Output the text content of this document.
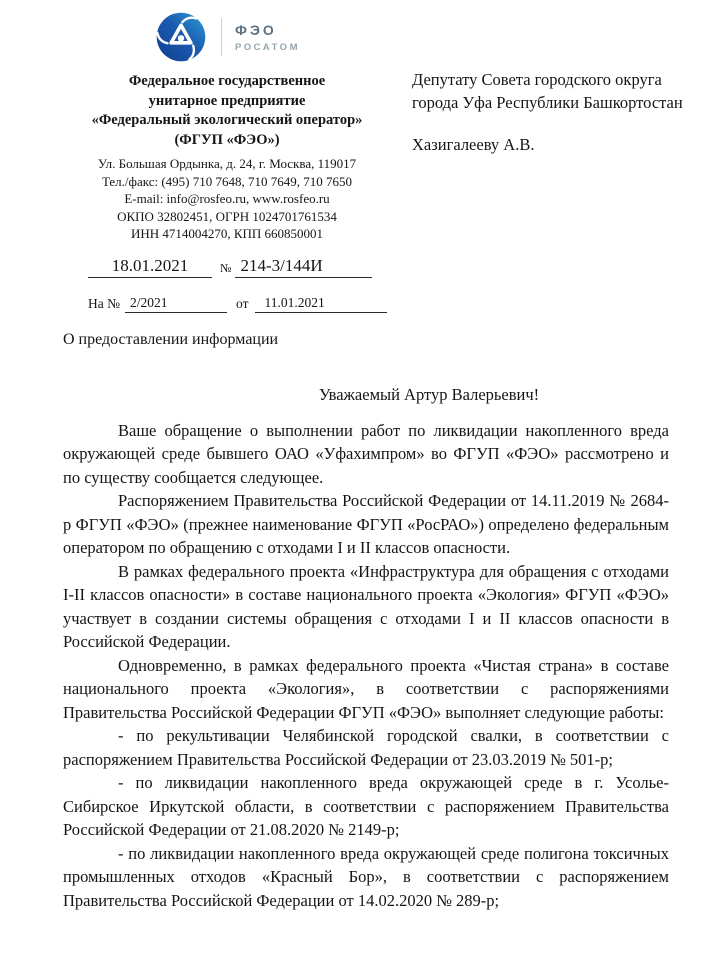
ФЭО
РОСАТОМ
Федеральное государственное
унитарное предприятие
«Федеральный экологический оператор»
(ФГУП «ФЭО»)
Ул. Большая Ордынка, д. 24, г. Москва, 119017
Тел./факс: (495) 710 7648, 710 7649, 710 7650
E-mail: info@rosfeo.ru, www.rosfeo.ru
ОКПО 32802451, ОГРН 1024701761534
ИНН 4714004270, КПП 660850001
18.01.2021	№ 214-3/144И
На № 2/2021	от	11.01.2021
Депутату Совета городского округа
города Уфа Республики Башкортостан
Хазигалееву А.В.
О предоставлении информации
Уважаемый Артур Валерьевич!

Ваше обращение о выполнении работ по ликвидации накопленного вреда окружающей среде бывшего ОАО «Уфахимпром» во ФГУП «ФЭО» рассмотрено и по существу сообщается следующее.

Распоряжением Правительства Российской Федерации от 14.11.2019 № 2684-р ФГУП «ФЭО» (прежнее наименование ФГУП «РосРАО») определено федеральным оператором по обращению с отходами I и II классов опасности.

В рамках федерального проекта «Инфраструктура для обращения с отходами I-II классов опасности» в составе национального проекта «Экология» ФГУП «ФЭО» участвует в создании системы обращения с отходами I и II классов опасности в Российской Федерации.

Одновременно, в рамках федерального проекта «Чистая страна» в составе национального проекта «Экология», в соответствии с распоряжениями Правительства Российской Федерации ФГУП «ФЭО» выполняет следующие работы:

- по рекультивации Челябинской городской свалки, в соответствии с распоряжением Правительства Российской Федерации от 23.03.2019 № 501-р;

- по ликвидации накопленного вреда окружающей среде в г. Усолье-Сибирское Иркутской области, в соответствии с распоряжением Правительства Российской Федерации от 21.08.2020 № 2149-р;

- по ликвидации накопленного вреда окружающей среде полигона токсичных промышленных отходов «Красный Бор», в соответствии с распоряжением Правительства Российской Федерации от 14.02.2020 № 289-р;
